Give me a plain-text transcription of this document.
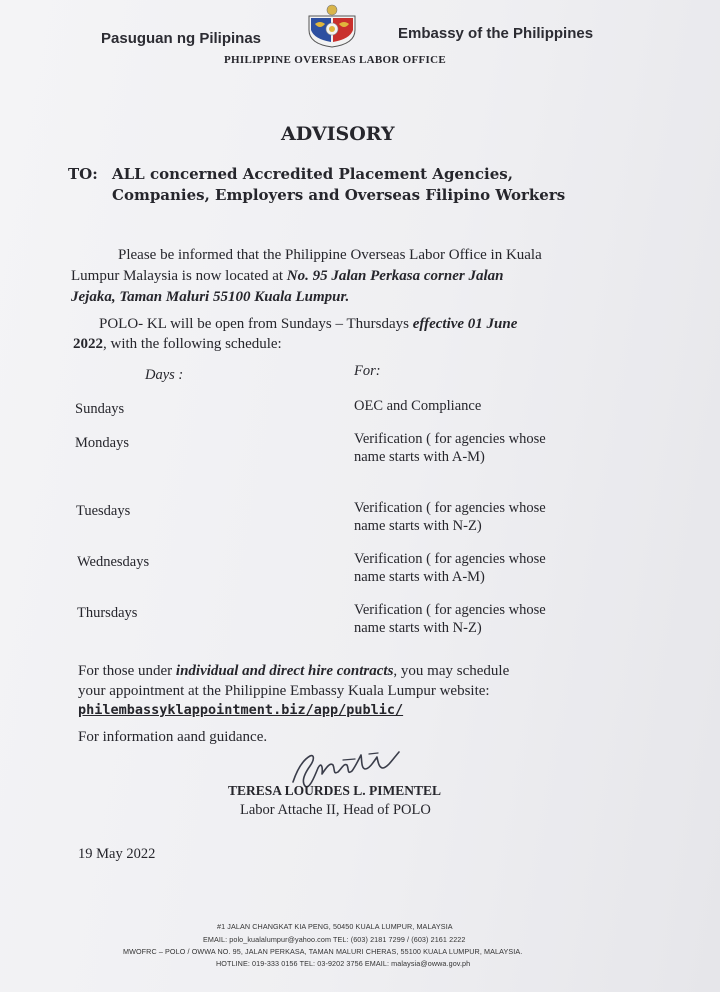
Pasuguan ng Pilipinas	Embassy of the Philippines
PHILIPPINE OVERSEAS LABOR OFFICE
ADVISORY
TO: ALL concerned Accredited Placement Agencies,
Companies, Employers and Overseas Filipino Workers
Please be informed that the Philippine Overseas Labor Office in Kuala
Lumpur Malaysia is now located at No. 95 Jalan Perkasa corner Jalan
Jejaka, Taman Maluri 55100 Kuala Lumpur.
POLO- KL will be open from Sundays – Thursdays effective 01 June
2022, with the following schedule:
Days :	For:
Sundays	OEC and Compliance
Mondays	Verification ( for agencies whose
name starts with A-M)
Tuesdays	Verification ( for agencies whose
name starts with N-Z)
Wednesdays	Verification ( for agencies whose
name starts with A-M)
Thursdays	Verification ( for agencies whose
name starts with N-Z)
For those under individual and direct hire contracts, you may schedule
your appointment at the Philippine Embassy Kuala Lumpur website:
philembassyklappointment.biz/app/public/
For information aand guidance.
TERESA LOURDES L. PIMENTEL
Labor Attache II, Head of POLO
19 May 2022
#1 JALAN CHANGKAT KIA PENG, 50450 KUALA LUMPUR, MALAYSIA
EMAIL: polo_kualalumpur@yahoo.com TEL: (603) 2181 7299 / (603) 2161 2222
MWOFRC – POLO / OWWA NO. 95, JALAN PERKASA, TAMAN MALURI CHERAS, 55100 KUALA LUMPUR, MALAYSIA.
HOTLINE: 019-333 0156 TEL: 03-9202 3756 EMAIL: malaysia@owwa.gov.ph
